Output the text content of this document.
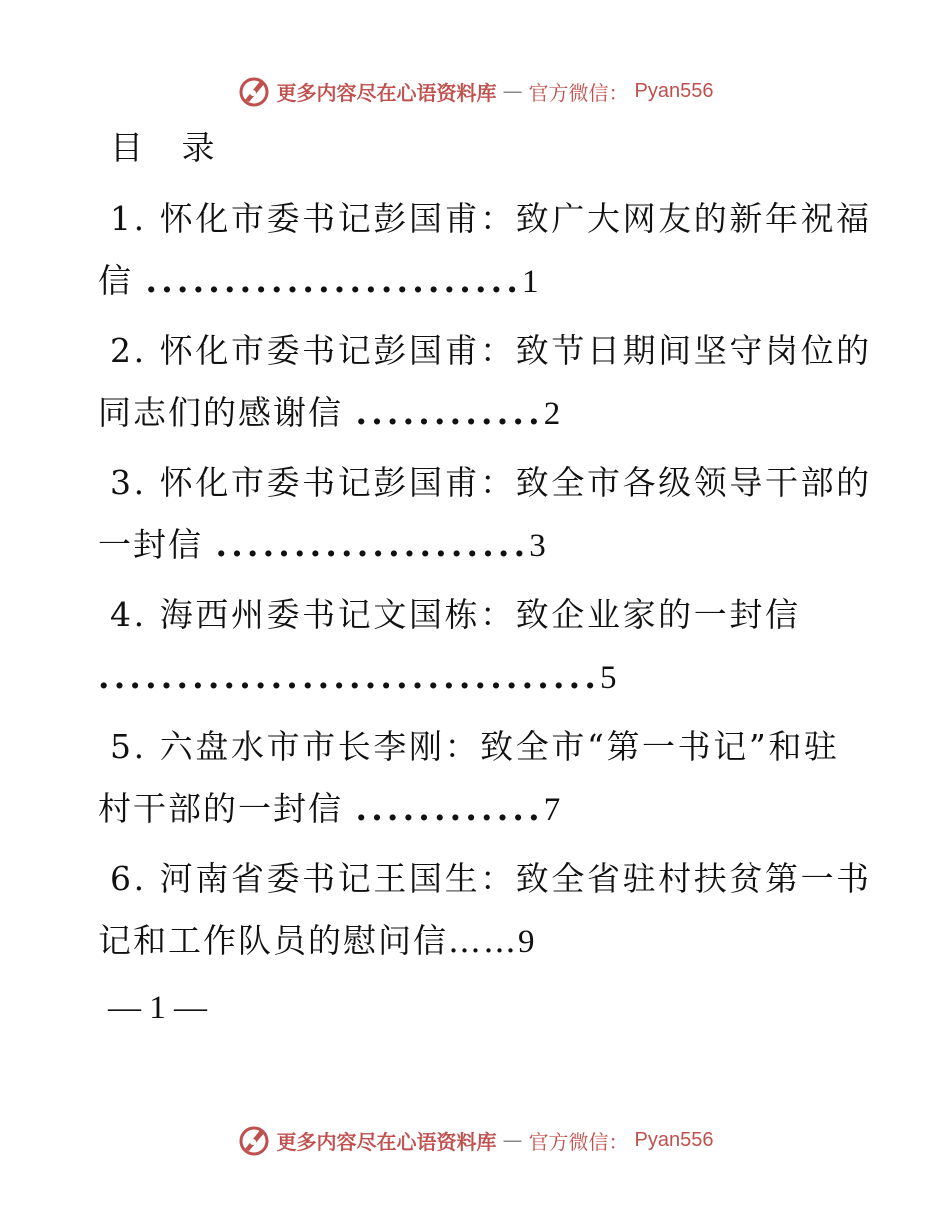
更多内容尽在心语资料库 — 官方微信： Pyan556
目 录
1. 怀化市委书记彭国甫：致广大网友的新年祝福
信 ........................1
2. 怀化市委书记彭国甫：致节日期间坚守岗位的
同志们的感谢信 ............2
3. 怀化市委书记彭国甫：致全市各级领导干部的
一封信 ....................3
4. 海西州委书记文国栋：致企业家的一封信
................................5
5. 六盘水市市长李刚：致全市“第一书记”和驻
村干部的一封信 ............7
6. 河南省委书记王国生：致全省驻村扶贫第一书
记和工作队员的慰问信……9
— 1 —
更多内容尽在心语资料库 — 官方微信： Pyan556
